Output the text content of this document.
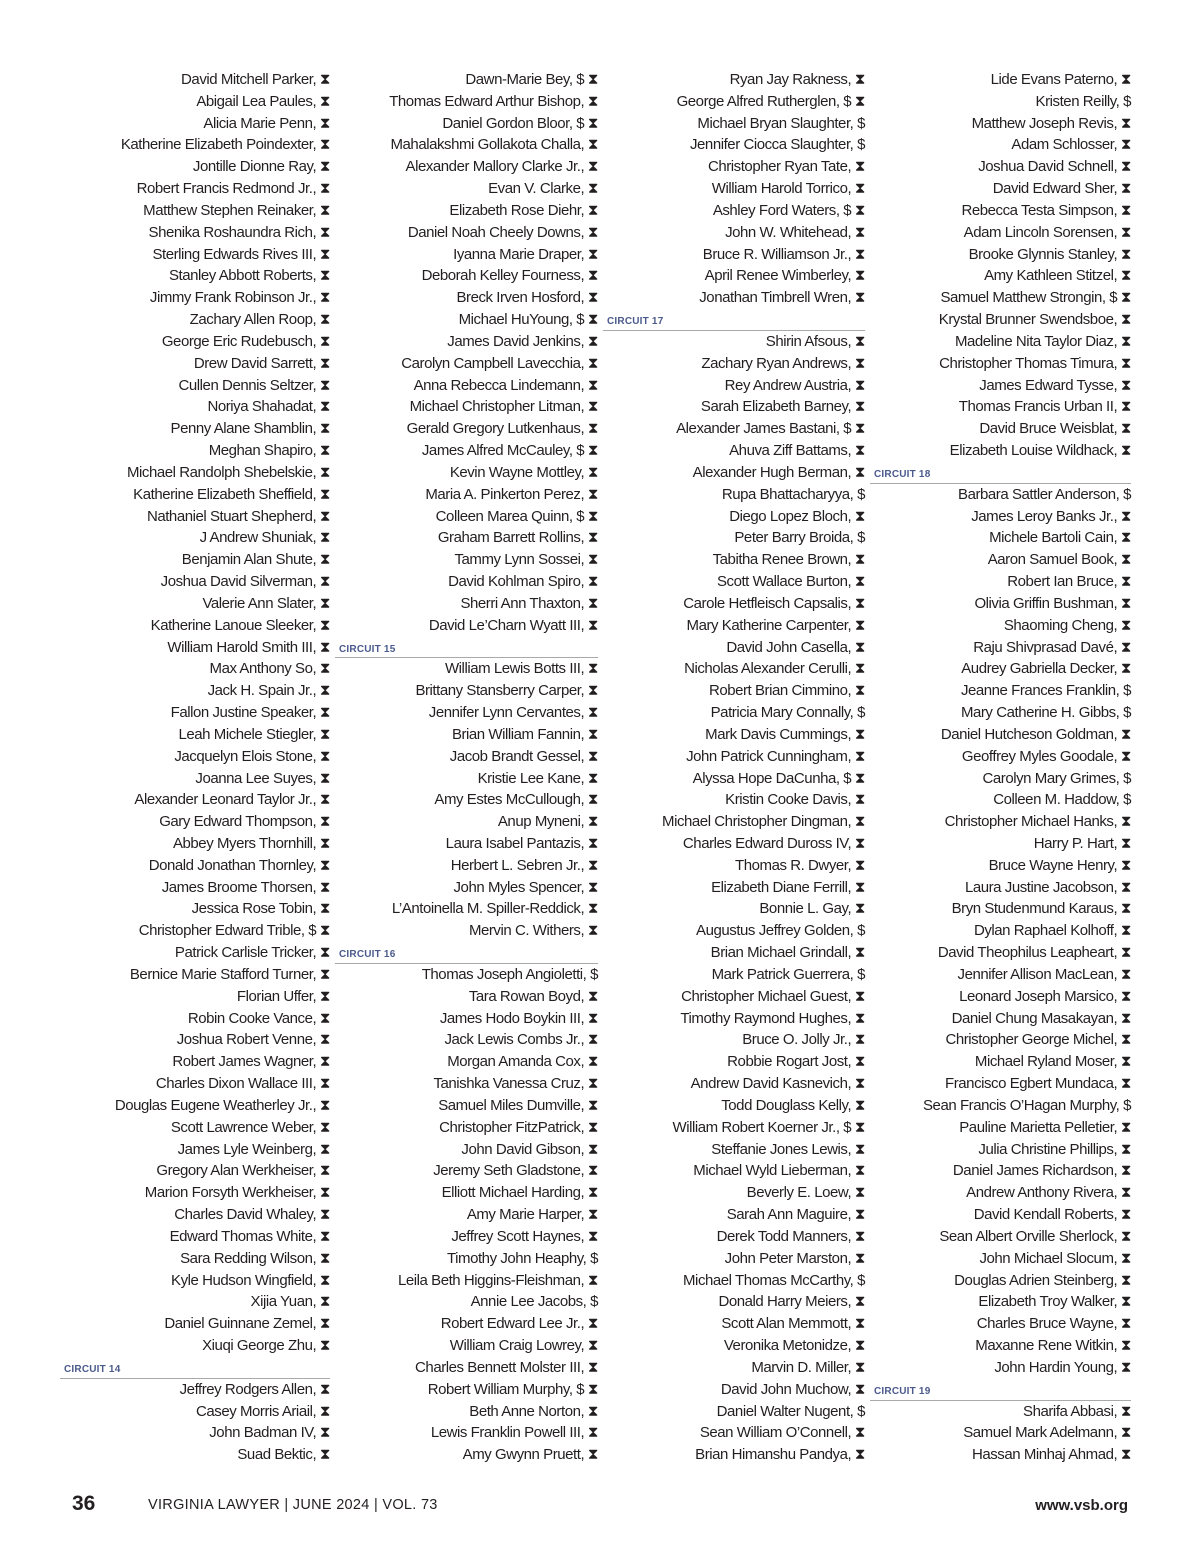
David Mitchell Parker, ⧗
Abigail Lea Paules, ⧗
Alicia Marie Penn, ⧗
Katherine Elizabeth Poindexter, ⧗
Jontille Dionne Ray, ⧗
Robert Francis Redmond Jr., ⧗
Matthew Stephen Reinaker, ⧗
Shenika Roshaundra Rich, ⧗
Sterling Edwards Rives III, ⧗
Stanley Abbott Roberts, ⧗
Jimmy Frank Robinson Jr., ⧗
Zachary Allen Roop, ⧗
George Eric Rudebusch, ⧗
Drew David Sarrett, ⧗
Cullen Dennis Seltzer, ⧗
Noriya Shahadat, ⧗
Penny Alane Shamblin, ⧗
Meghan Shapiro, ⧗
Michael Randolph Shebelskie, ⧗
Katherine Elizabeth Sheffield, ⧗
Nathaniel Stuart Shepherd, ⧗
J Andrew Shuniak, ⧗
Benjamin Alan Shute, ⧗
Joshua David Silverman, ⧗
Valerie Ann Slater, ⧗
Katherine Lanoue Sleeker, ⧗
William Harold Smith III, ⧗
Max Anthony So, ⧗
Jack H. Spain Jr., ⧗
Fallon Justine Speaker, ⧗
Leah Michele Stiegler, ⧗
Jacquelyn Elois Stone, ⧗
Joanna Lee Suyes, ⧗
Alexander Leonard Taylor Jr., ⧗
Gary Edward Thompson, ⧗
Abbey Myers Thornhill, ⧗
Donald Jonathan Thornley, ⧗
James Broome Thorsen, ⧗
Jessica Rose Tobin, ⧗
Christopher Edward Trible, $ ⧗
Patrick Carlisle Tricker, ⧗
Bernice Marie Stafford Turner, ⧗
Florian Uffer, ⧗
Robin Cooke Vance, ⧗
Joshua Robert Venne, ⧗
Robert James Wagner, ⧗
Charles Dixon Wallace III, ⧗
Douglas Eugene Weatherley Jr., ⧗
Scott Lawrence Weber, ⧗
James Lyle Weinberg, ⧗
Gregory Alan Werkheiser, ⧗
Marion Forsyth Werkheiser, ⧗
Charles David Whaley, ⧗
Edward Thomas White, ⧗
Sara Redding Wilson, ⧗
Kyle Hudson Wingfield, ⧗
Xijia Yuan, ⧗
Daniel Guinnane Zemel, ⧗
Xiuqi George Zhu, ⧗
CIRCUIT 14
Jeffrey Rodgers Allen, ⧗
Casey Morris Ariail, ⧗
John Badman IV, ⧗
Suad Bektic, ⧗
Dawn-Marie Bey, $ ⧗
Thomas Edward Arthur Bishop, ⧗
Daniel Gordon Bloor, $ ⧗
Mahalakshmi Gollakota Challa, ⧗
Alexander Mallory Clarke Jr., ⧗
Evan V. Clarke, ⧗
Elizabeth Rose Diehr, ⧗
Daniel Noah Cheely Downs, ⧗
Iyanna Marie Draper, ⧗
Deborah Kelley Fourness, ⧗
Breck Irven Hosford, ⧗
Michael HuYoung, $ ⧗
James David Jenkins, ⧗
Carolyn Campbell Lavecchia, ⧗
Anna Rebecca Lindemann, ⧗
Michael Christopher Litman, ⧗
Gerald Gregory Lutkenhaus, ⧗
James Alfred McCauley, $ ⧗
Kevin Wayne Mottley, ⧗
Maria A. Pinkerton Perez, ⧗
Colleen Marea Quinn, $ ⧗
Graham Barrett Rollins, ⧗
Tammy Lynn Sossei, ⧗
David Kohlman Spiro, ⧗
Sherri Ann Thaxton, ⧗
David Le’Charn Wyatt III, ⧗
CIRCUIT 15
William Lewis Botts III, ⧗
Brittany Stansberry Carper, ⧗
Jennifer Lynn Cervantes, ⧗
Brian William Fannin, ⧗
Jacob Brandt Gessel, ⧗
Kristie Lee Kane, ⧗
Amy Estes McCullough, ⧗
Anup Myneni, ⧗
Laura Isabel Pantazis, ⧗
Herbert L. Sebren Jr., ⧗
John Myles Spencer, ⧗
L’Antoinella M. Spiller-Reddick, ⧗
Mervin C. Withers, ⧗
CIRCUIT 16
Thomas Joseph Angioletti, $
Tara Rowan Boyd, ⧗
James Hodo Boykin III, ⧗
Jack Lewis Combs Jr., ⧗
Morgan Amanda Cox, ⧗
Tanishka Vanessa Cruz, ⧗
Samuel Miles Dumville, ⧗
Christopher FitzPatrick, ⧗
John David Gibson, ⧗
Jeremy Seth Gladstone, ⧗
Elliott Michael Harding, ⧗
Amy Marie Harper, ⧗
Jeffrey Scott Haynes, ⧗
Timothy John Heaphy, $
Leila Beth Higgins-Fleishman, ⧗
Annie Lee Jacobs, $
Robert Edward Lee Jr., ⧗
William Craig Lowrey, ⧗
Charles Bennett Molster III, ⧗
Robert William Murphy, $ ⧗
Beth Anne Norton, ⧗
Lewis Franklin Powell III, ⧗
Amy Gwynn Pruett, ⧗
Ryan Jay Rakness, ⧗
George Alfred Rutherglen, $ ⧗
Michael Bryan Slaughter, $
Jennifer Ciocca Slaughter, $
Christopher Ryan Tate, ⧗
William Harold Torrico, ⧗
Ashley Ford Waters, $ ⧗
John W. Whitehead, ⧗
Bruce R. Williamson Jr., ⧗
April Renee Wimberley, ⧗
Jonathan Timbrell Wren, ⧗
CIRCUIT 17
Shirin Afsous, ⧗
Zachary Ryan Andrews, ⧗
Rey Andrew Austria, ⧗
Sarah Elizabeth Barney, ⧗
Alexander James Bastani, $ ⧗
Ahuva Ziff Battams, ⧗
Alexander Hugh Berman, ⧗
Rupa Bhattacharyya, $
Diego Lopez Bloch, ⧗
Peter Barry Broida, $
Tabitha Renee Brown, ⧗
Scott Wallace Burton, ⧗
Carole Hetfleisch Capsalis, ⧗
Mary Katherine Carpenter, ⧗
David John Casella, ⧗
Nicholas Alexander Cerulli, ⧗
Robert Brian Cimmino, ⧗
Patricia Mary Connally, $
Mark Davis Cummings, ⧗
John Patrick Cunningham, ⧗
Alyssa Hope DaCunha, $ ⧗
Kristin Cooke Davis, ⧗
Michael Christopher Dingman, ⧗
Charles Edward Duross IV, ⧗
Thomas R. Dwyer, ⧗
Elizabeth Diane Ferrill, ⧗
Bonnie L. Gay, ⧗
Augustus Jeffrey Golden, $
Brian Michael Grindall, ⧗
Mark Patrick Guerrera, $
Christopher Michael Guest, ⧗
Timothy Raymond Hughes, ⧗
Bruce O. Jolly Jr., ⧗
Robbie Rogart Jost, ⧗
Andrew David Kasnevich, ⧗
Todd Douglass Kelly, ⧗
William Robert Koerner Jr., $ ⧗
Steffanie Jones Lewis, ⧗
Michael Wyld Lieberman, ⧗
Beverly E. Loew, ⧗
Sarah Ann Maguire, ⧗
Derek Todd Manners, ⧗
John Peter Marston, ⧗
Michael Thomas McCarthy, $
Donald Harry Meiers, ⧗
Scott Alan Memmott, ⧗
Veronika Metonidze, ⧗
Marvin D. Miller, ⧗
David John Muchow, ⧗
Daniel Walter Nugent, $
Sean William O’Connell, ⧗
Brian Himanshu Pandya, ⧗
Lide Evans Paterno, ⧗
Kristen Reilly, $
Matthew Joseph Revis, ⧗
Adam Schlosser, ⧗
Joshua David Schnell, ⧗
David Edward Sher, ⧗
Rebecca Testa Simpson, ⧗
Adam Lincoln Sorensen, ⧗
Brooke Glynnis Stanley, ⧗
Amy Kathleen Stitzel, ⧗
Samuel Matthew Strongin, $ ⧗
Krystal Brunner Swendsboe, ⧗
Madeline Nita Taylor Diaz, ⧗
Christopher Thomas Timura, ⧗
James Edward Tysse, ⧗
Thomas Francis Urban II, ⧗
David Bruce Weisblat, ⧗
Elizabeth Louise Wildhack, ⧗
CIRCUIT 18
Barbara Sattler Anderson, $
James Leroy Banks Jr., ⧗
Michele Bartoli Cain, ⧗
Aaron Samuel Book, ⧗
Robert Ian Bruce, ⧗
Olivia Griffin Bushman, ⧗
Shaoming Cheng, ⧗
Raju Shivprasad Davé, ⧗
Audrey Gabriella Decker, ⧗
Jeanne Frances Franklin, $
Mary Catherine H. Gibbs, $
Daniel Hutcheson Goldman, ⧗
Geoffrey Myles Goodale, ⧗
Carolyn Mary Grimes, $
Colleen M. Haddow, $
Christopher Michael Hanks, ⧗
Harry P. Hart, ⧗
Bruce Wayne Henry, ⧗
Laura Justine Jacobson, ⧗
Bryn Studenmund Karaus, ⧗
Dylan Raphael Kolhoff, ⧗
David Theophilus Leapheart, ⧗
Jennifer Allison MacLean, ⧗
Leonard Joseph Marsico, ⧗
Daniel Chung Masakayan, ⧗
Christopher George Michel, ⧗
Michael Ryland Moser, ⧗
Francisco Egbert Mundaca, ⧗
Sean Francis O’Hagan Murphy, $
Pauline Marietta Pelletier, ⧗
Julia Christine Phillips, ⧗
Daniel James Richardson, ⧗
Andrew Anthony Rivera, ⧗
David Kendall Roberts, ⧗
Sean Albert Orville Sherlock, ⧗
John Michael Slocum, ⧗
Douglas Adrien Steinberg, ⧗
Elizabeth Troy Walker, ⧗
Charles Bruce Wayne, ⧗
Maxanne Rene Witkin, ⧗
John Hardin Young, ⧗
CIRCUIT 19
Sharifa Abbasi, ⧗
Samuel Mark Adelmann, ⧗
Hassan Minhaj Ahmad, ⧗
36	VIRGINIA LAWYER | JUNE 2024 | VOL. 73	www.vsb.org
